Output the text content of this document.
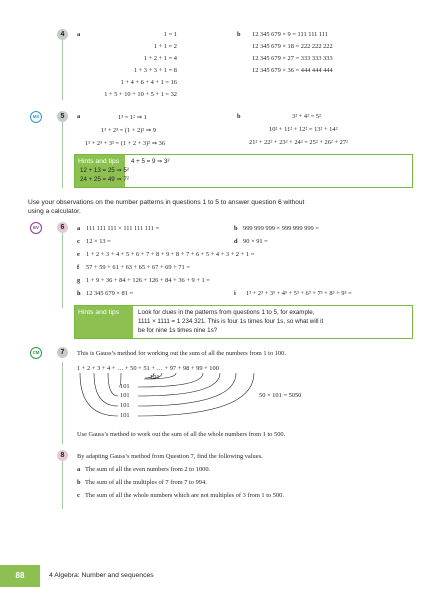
4	a	1 = 1
1 + 1 = 2
1 + 2 + 1 = 4
1 + 3 + 3 + 1 = 8
1 + 4 + 6 + 4 + 1 = 16
1 + 5 + 10 + 10 + 5 + 1 = 32
b 12 345 679 × 9 = 111 111 111
12 345 679 × 18 = 222 222 222
12 345 679 × 27 = 333 333 333
12 345 679 × 36 = 444 444 444
MS	5	a	1³ = 1² ⇒ 1
1³ + 2³ = (1 + 2)² ⇒ 9
1³ + 2³ + 3³ = (1 + 2 + 3)² ⇒ 36
b	3² + 4² = 5²
10² + 11² + 12² = 13² + 14²
21² + 22² + 23² + 24² = 25² + 26² + 27²
Hints and tips	4 + 5 = 9 ⇒ 3²
12 + 13 = 25 ⇒ 5²
24 + 25 = 49 ⇒ 7²
Use your observations on the number patterns in questions 1 to 5 to answer question 6 without
using a calculator.
EV	6	a 111 111 111 × 111 111 111 =	b 999 999 999 × 999 999 999 =
c 12 × 13 =	d 90 × 91 =
e 1 + 2 + 3 + 4 + 5 + 6 + 7 + 8 + 9 + 8 + 7 + 6 + 5 + 4 + 3 + 2 + 1 =
f 57 + 59 + 61 + 63 + 65 + 67 + 69 + 71 =
g 1 + 9 + 36 + 84 + 126 + 126 + 84 + 36 + 9 + 1 =
h 12 345 679 × 81 =	i 1³ + 2³ + 3³ + 4³ + 5³ + 6³ + 7³ + 8³ + 9³ =
Hints and tips	Look for clues in the patterns from questions 1 to 5, for example,
1111 × 1111 = 1 234 321. This is four 1s times four 1s, so what will it
be for nine 1s times nine 1s?
CM	7	This is Gauss’s method for working out the sum of all the numbers from 1 to 100.
1 + 2 + 3 + 4 + … + 50 + 51 + … + 97 + 98 + 99 + 100
101
101
101
101
101
50 × 101 = 5050
Use Gauss’s method to work out the sum of all the whole numbers from 1 to 500.
8	By adapting Gauss’s method from Question 7, find the following values.
a The sum of all the even numbers from 2 to 1000.
b The sum of all the multiples of 7 from 7 to 994.
c The sum of all the whole numbers which are not multiples of 3 from 1 to 500.
88	4 Algebra: Number and sequences
